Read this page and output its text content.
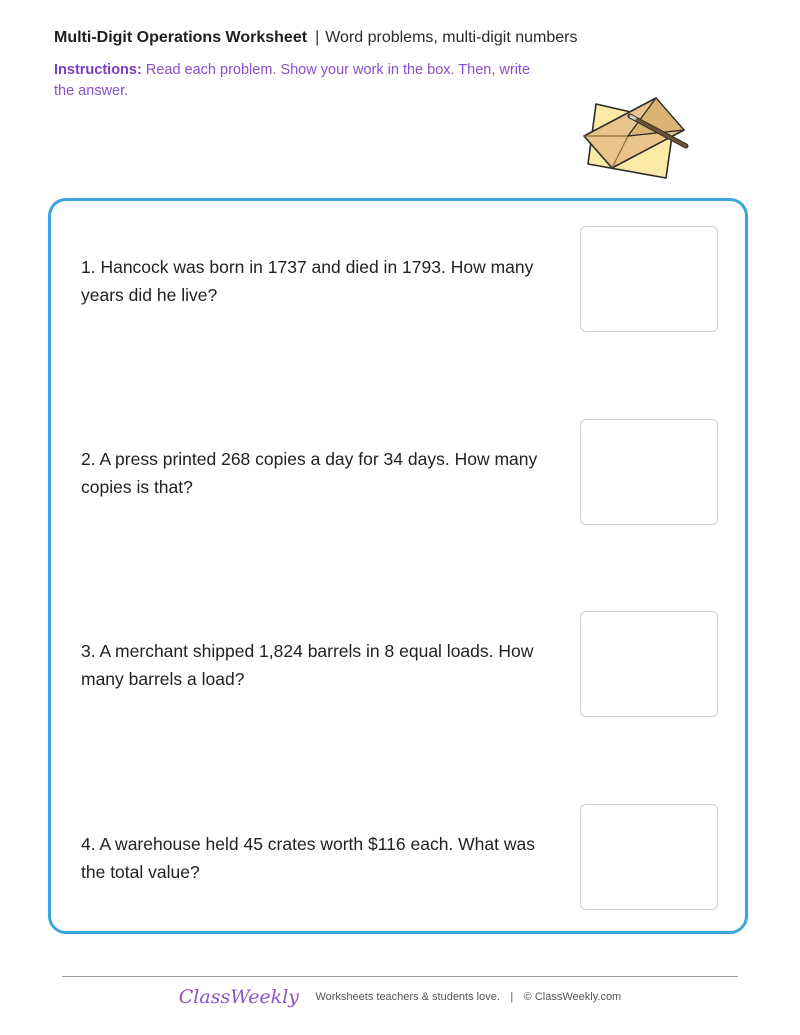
Multi-Digit Operations Worksheet | Word problems, multi-digit numbers
Instructions: Read each problem. Show your work in the box. Then, write the answer.
1. Hancock was born in 1737 and died in 1793. How many years did he live?
2. A press printed 268 copies a day for 34 days. How many copies is that?
3. A merchant shipped 1,824 barrels in 8 equal loads. How many barrels a load?
4. A warehouse held 45 crates worth $116 each. What was the total value?
ClassWeekly Worksheets teachers & students love. | © ClassWeekly.com
